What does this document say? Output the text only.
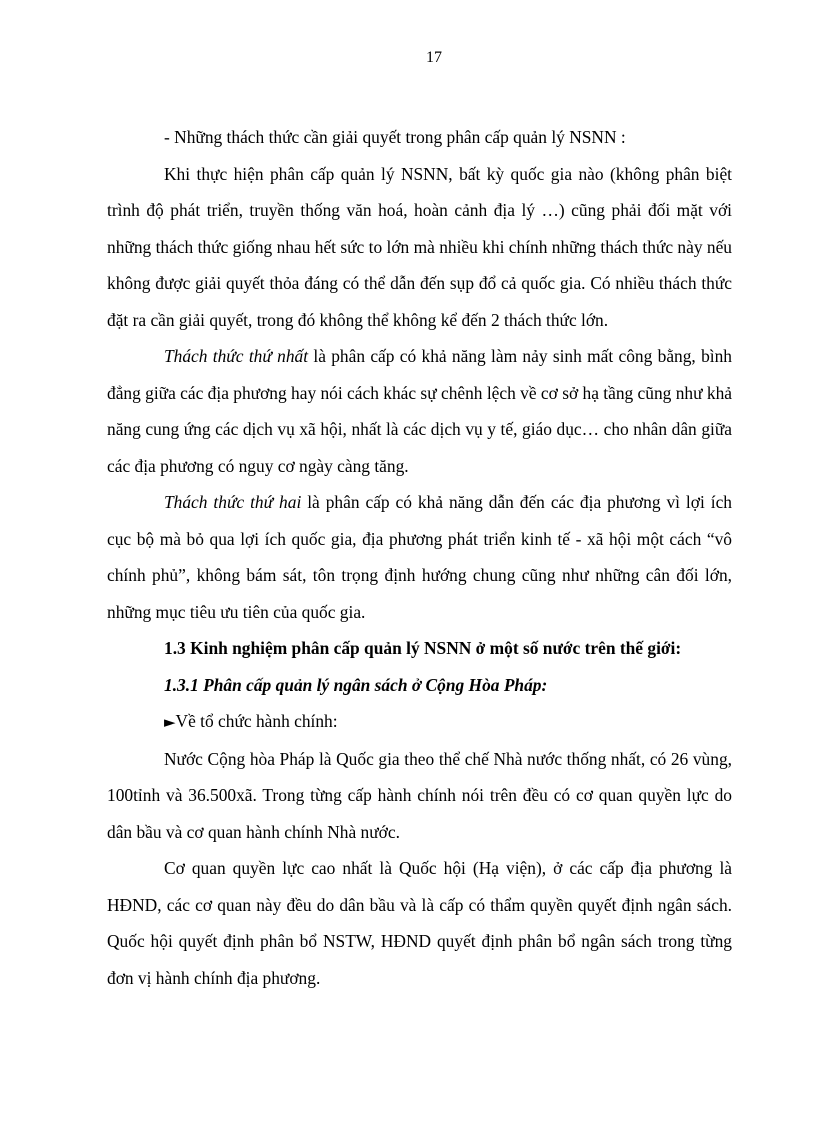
17

- Những thách thức cần giải quyết trong phân cấp quản lý NSNN :

Khi thực hiện phân cấp quản lý NSNN, bất kỳ quốc gia nào (không phân biệt trình độ phát triển, truyền thống văn hoá, hoàn cảnh địa lý …) cũng phải đối mặt với những thách thức giống nhau hết sức to lớn mà nhiều khi chính những thách thức này nếu không được giải quyết thỏa đáng có thể dẫn đến sụp đổ cả quốc gia. Có nhiều thách thức đặt ra cần giải quyết, trong đó không thể không kể đến 2 thách thức lớn.

Thách thức thứ nhất là phân cấp có khả năng làm nảy sinh mất công bằng, bình đẳng giữa các địa phương hay nói cách khác sự chênh lệch về cơ sở hạ tầng cũng như khả năng cung ứng các dịch vụ xã hội, nhất là các dịch vụ y tế, giáo dục… cho nhân dân giữa các địa phương có nguy cơ ngày càng tăng.

Thách thức thứ hai là phân cấp có khả năng dẫn đến các địa phương vì lợi ích cục bộ mà bỏ qua lợi ích quốc gia, địa phương phát triển kinh tế - xã hội một cách “vô chính phủ”, không bám sát, tôn trọng định hướng chung cũng như những cân đối lớn, những mục tiêu ưu tiên của quốc gia.

1.3 Kinh nghiệm phân cấp quản lý NSNN ở một số nước trên thế giới:

1.3.1 Phân cấp quản lý ngân sách ở Cộng Hòa Pháp:

►Về tổ chức hành chính:

Nước Cộng hòa Pháp là Quốc gia theo thể chế Nhà nước thống nhất, có 26 vùng, 100tỉnh và 36.500xã. Trong từng cấp hành chính nói trên đều có cơ quan quyền lực do dân bầu và cơ quan hành chính Nhà nước.

Cơ quan quyền lực cao nhất là Quốc hội (Hạ viện), ở các cấp địa phương là HĐND, các cơ quan này đều do dân bầu và là cấp có thẩm quyền quyết định ngân sách. Quốc hội quyết định phân bổ NSTW, HĐND quyết định phân bổ ngân sách trong từng đơn vị hành chính địa phương.
